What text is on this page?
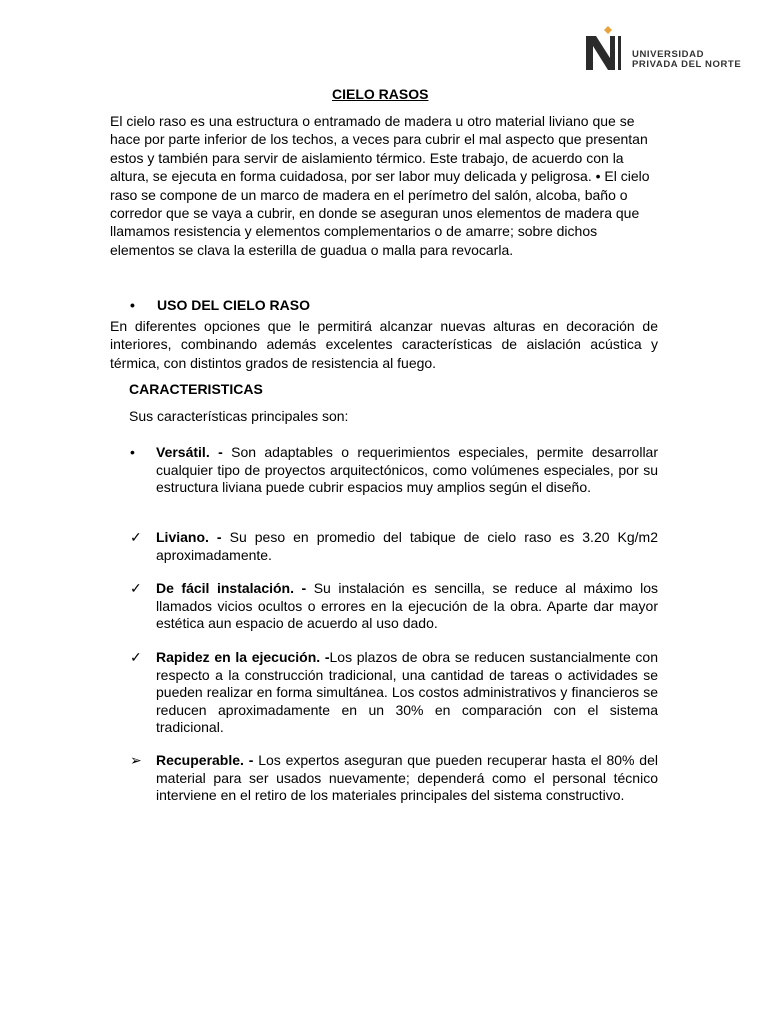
UNIVERSIDAD
PRIVADA DEL NORTE
CIELO RASOS

El cielo raso es una estructura o entramado de madera u otro material liviano que se hace por parte inferior de los techos, a veces para cubrir el mal aspecto que presentan estos y también para servir de aislamiento térmico. Este trabajo, de acuerdo con la altura, se ejecuta en forma cuidadosa, por ser labor muy delicada y peligrosa. • El cielo raso se compone de un marco de madera en el perímetro del salón, alcoba, baño o corredor que se vaya a cubrir, en donde se aseguran unos elementos de madera que llamamos resistencia y elementos complementarios o de amarre; sobre dichos elementos se clava la esterilla de guadua o malla para revocarla.

• USO DEL CIELO RASO

En diferentes opciones que le permitirá alcanzar nuevas alturas en decoración de interiores, combinando además excelentes características de aislación acústica y térmica, con distintos grados de resistencia al fuego.

CARACTERISTICAS
Sus características principales son:
•	Versátil. - Son adaptables o requerimientos especiales, permite desarrollar cualquier tipo de proyectos arquitectónicos, como volúmenes especiales, por su estructura liviana puede cubrir espacios muy amplios según el diseño.
✓	Liviano. - Su peso en promedio del tabique de cielo raso es 3.20 Kg/m2 aproximadamente.
✓	De fácil instalación. - Su instalación es sencilla, se reduce al máximo los llamados vicios ocultos o errores en la ejecución de la obra. Aparte dar mayor estética aun espacio de acuerdo al uso dado.
✓	Rapidez en la ejecución. -Los plazos de obra se reducen sustancialmente con respecto a la construcción tradicional, una cantidad de tareas o actividades se pueden realizar en forma simultánea. Los costos administrativos y financieros se reducen aproximadamente en un 30% en comparación con el sistema tradicional.
➢	Recuperable. - Los expertos aseguran que pueden recuperar hasta el 80% del material para ser usados nuevamente; dependerá como el personal técnico interviene en el retiro de los materiales principales del sistema constructivo.
